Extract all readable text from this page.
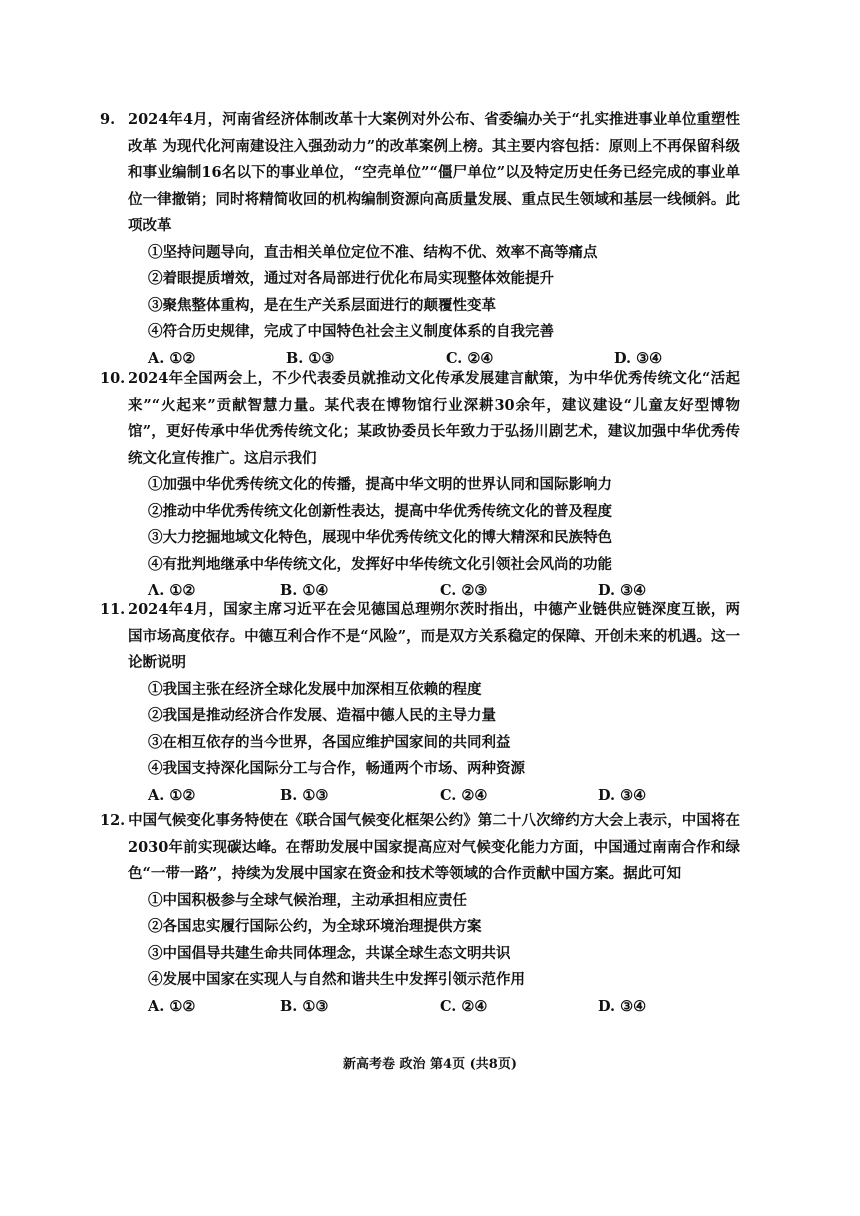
9. 2024年4月，河南省经济体制改革十大案例对外公布、省委编办关于“扎实推进事业单位重塑性改革 为现代化河南建设注入强劲动力”的改革案例上榜。其主要内容包括：原则上不再保留科级和事业编制16名以下的事业单位，“空壳单位”“僵尸单位”以及特定历史任务已经完成的事业单位一律撤销；同时将精简收回的机构编制资源向高质量发展、重点民生领域和基层一线倾斜。此项改革

①坚持问题导向，直击相关单位定位不准、结构不优、效率不高等痛点

②着眼提质增效，通过对各局部进行优化布局实现整体效能提升

③聚焦整体重构，是在生产关系层面进行的颠覆性变革

④符合历史规律，完成了中国特色社会主义制度体系的自我完善

A. ①②	B. ①③	C. ②④	D. ③④

10. 2024年全国两会上，不少代表委员就推动文化传承发展建言献策，为中华优秀传统文化“活起来”“火起来”贡献智慧力量。某代表在博物馆行业深耕30余年，建议建设“儿童友好型博物馆”，更好传承中华优秀传统文化；某政协委员长年致力于弘扬川剧艺术，建议加强中华优秀传统文化宣传推广。这启示我们

①加强中华优秀传统文化的传播，提高中华文明的世界认同和国际影响力

②推动中华优秀传统文化创新性表达，提高中华优秀传统文化的普及程度

③大力挖掘地域文化特色，展现中华优秀传统文化的博大精深和民族特色

④有批判地继承中华传统文化，发挥好中华传统文化引领社会风尚的功能

Λ. ①②	B. ①④	C. ②③	D. ③④

11. 2024年4月，国家主席习近平在会见德国总理朔尔茨时指出，中德产业链供应链深度互嵌，两国市场高度依存。中德互利合作不是“风险”，而是双方关系稳定的保障、开创未来的机遇。这一论断说明

①我国主张在经济全球化发展中加深相互依赖的程度

②我国是推动经济合作发展、造福中德人民的主导力量

③在相互依存的当今世界，各国应维护国家间的共同利益

④我国支持深化国际分工与合作，畅通两个市场、两种资源

A. ①②	B. ①③	C. ②④	D. ③④

12. 中国气候变化事务特使在《联合国气候变化框架公约》第二十八次缔约方大会上表示，中国将在 2030年前实现碳达峰。在帮助发展中国家提高应对气候变化能力方面，中国通过南南合作和绿色“一带一路”，持续为发展中国家在资金和技术等领域的合作贡献中国方案。据此可知

①中国积极参与全球气候治理，主动承担相应责任

②各国忠实履行国际公约，为全球环境治理提供方案

③中国倡导共建生命共同体理念，共谋全球生态文明共识

④发展中国家在实现人与自然和谐共生中发挥引领示范作用

A. ①②	B. ①③	C. ②④	D. ③④
新高考卷 政治 第4页 (共8页)
